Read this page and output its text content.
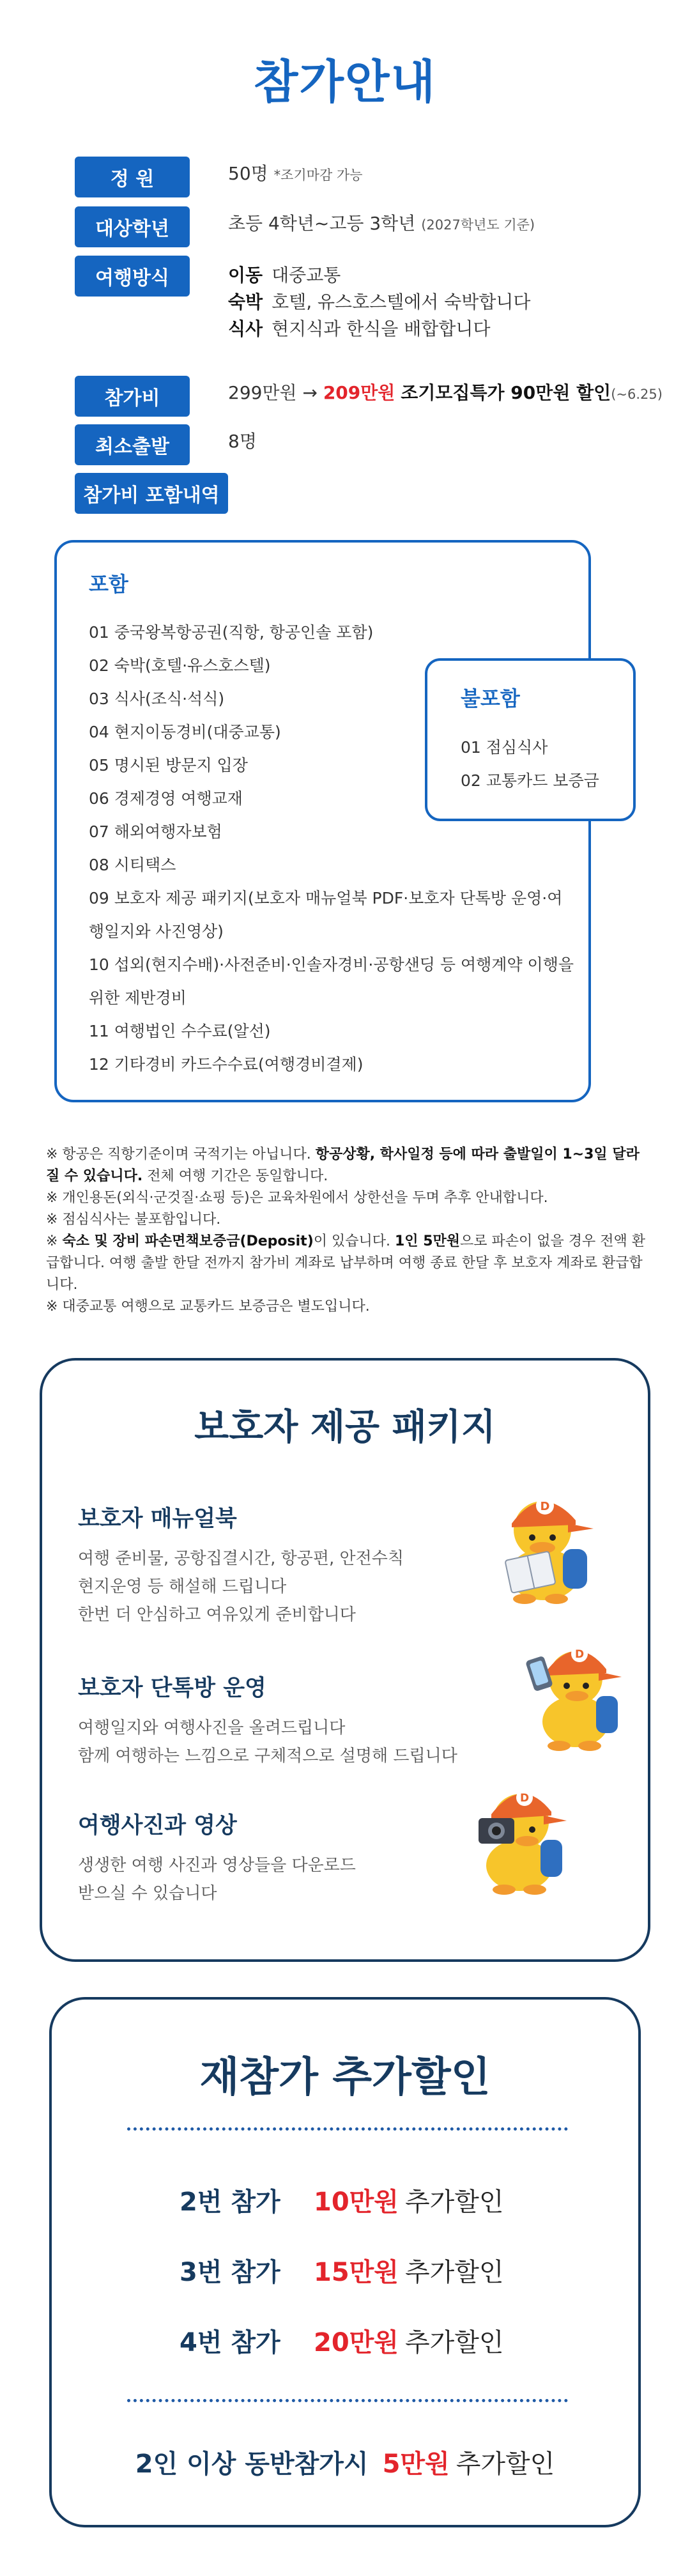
참가안내
정 원	50명 *조기마감 가능
대상학년	초등 4학년~고등 3학년 (2027학년도 기준)
여행방식	이동 대중교통
숙박 호텔, 유스호스텔에서 숙박합니다
식사 현지식과 한식을 배합합니다
참가비	299만원 → 209만원 조기모집특가 90만원 할인(~6.25)
최소출발	8명
참가비 포함내역
포함
01 중국왕복항공권(직항, 항공인솔 포함)
02 숙박(호텔·유스호스텔)
03 식사(조식·석식)
04 현지이동경비(대중교통)
05 명시된 방문지 입장
06 경제경영 여행교재
07 해외여행자보험
08 시티택스
09 보호자 제공 패키지(보호자 매뉴얼북 PDF·보호자 단톡방 운영·여행일지와 사진영상)
10 섭외(현지수배)·사전준비·인솔자경비·공항샌딩 등 여행계약 이행을 위한 제반경비
11 여행법인 수수료(알선)
12 기타경비 카드수수료(여행경비결제)
불포함
01 점심식사
02 교통카드 보증금

※ 항공은 직항기준이며 국적기는 아닙니다. 항공상황, 학사일정 등에 따라 출발일이 1~3일 달라질 수 있습니다. 전체 여행 기간은 동일합니다.

※ 개인용돈(외식·군것질·쇼핑 등)은 교육차원에서 상한선을 두며 추후 안내합니다.

※ 점심식사는 불포함입니다.

※ 숙소 및 장비 파손면책보증금(Deposit)이 있습니다. 1인 5만원으로 파손이 없을 경우 전액 환급합니다. 여행 출발 한달 전까지 참가비 계좌로 납부하며 여행 종료 한달 후 보호자 계좌로 환급합니다.

※ 대중교통 여행으로 교통카드 보증금은 별도입니다.

보호자 제공 패키지
보호자 매뉴얼북

여행 준비물, 공항집결시간, 항공편, 안전수칙

현지운영 등 해설해 드립니다

한번 더 안심하고 여유있게 준비합니다

보호자 단톡방 운영

여행일지와 여행사진을 올려드립니다

함께 여행하는 느낌으로 구체적으로 설명해 드립니다

여행사진과 영상

생생한 여행 사진과 영상들을 다운로드

받으실 수 있습니다

D
D
D
재참가 추가할인
2번 참가 10만원 추가할인
3번 참가 15만원 추가할인
4번 참가 20만원 추가할인
2인 이상 동반참가시 5만원 추가할인
